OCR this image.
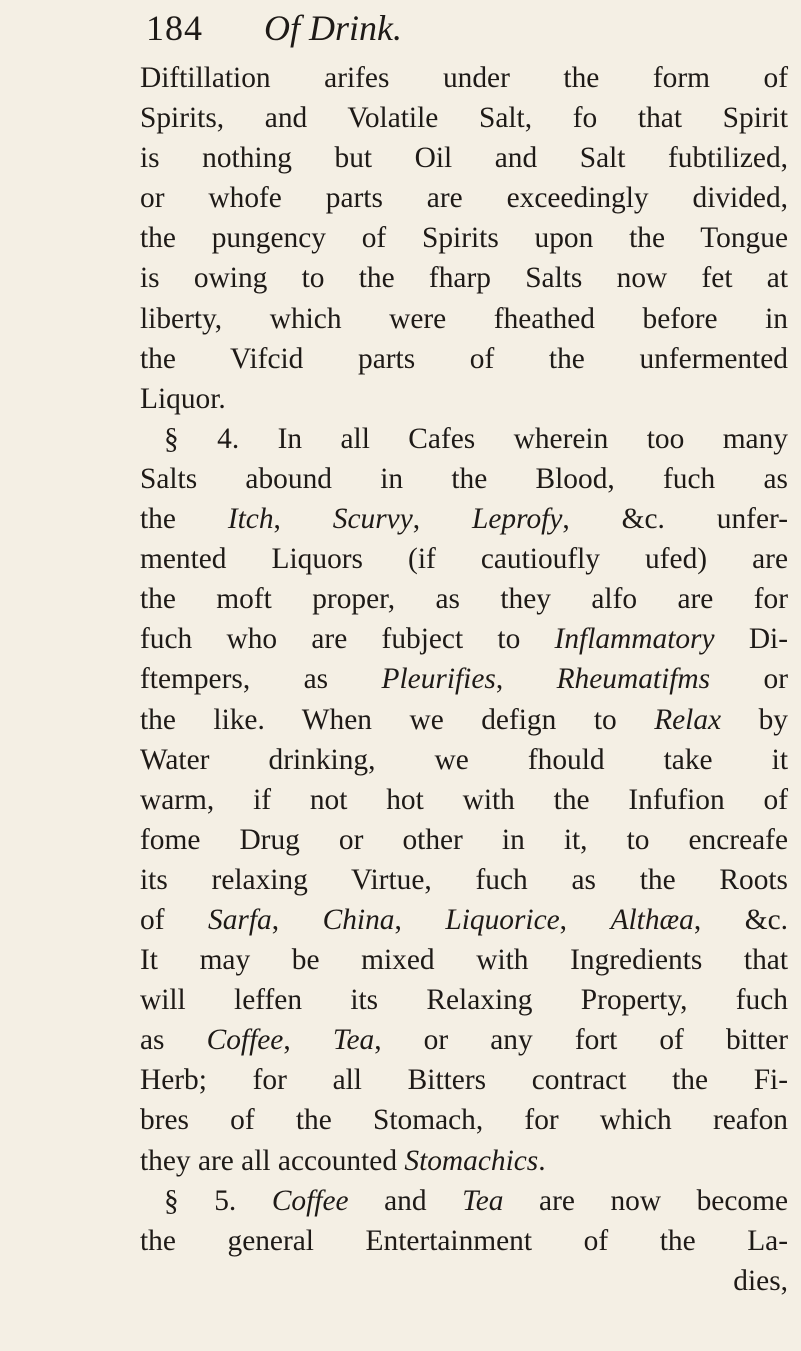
184 Of Drink.
Diftillation arifes under the form of
Spirits, and Volatile Salt, fo that Spirit
is nothing but Oil and Salt fubtilized,
or whofe parts are exceedingly divided,
the pungency of Spirits upon the Tongue
is owing to the fharp Salts now fet at
liberty, which were fheathed before in
the Vifcid parts of the unfermented
Liquor.
§ 4. In all Cafes wherein too many
Salts abound in the Blood, fuch as
the Itch, Scurvy, Leprofy, &c. unfer-
mented Liquors (if cautioufly ufed) are
the moft proper, as they alfo are for
fuch who are fubject to Inflammatory Di-
ftempers, as Pleurifies, Rheumatifms or
the like. When we defign to Relax by
Water drinking, we fhould take it
warm, if not hot with the Infufion of
fome Drug or other in it, to encreafe
its relaxing Virtue, fuch as the Roots
of Sarfa, China, Liquorice, Althæa, &c.
It may be mixed with Ingredients that
will leffen its Relaxing Property, fuch
as Coffee, Tea, or any fort of bitter
Herb; for all Bitters contract the Fi-
bres of the Stomach, for which reafon
they are all accounted Stomachics.
§ 5. Coffee and Tea are now become
the general Entertainment of the La-
dies,
